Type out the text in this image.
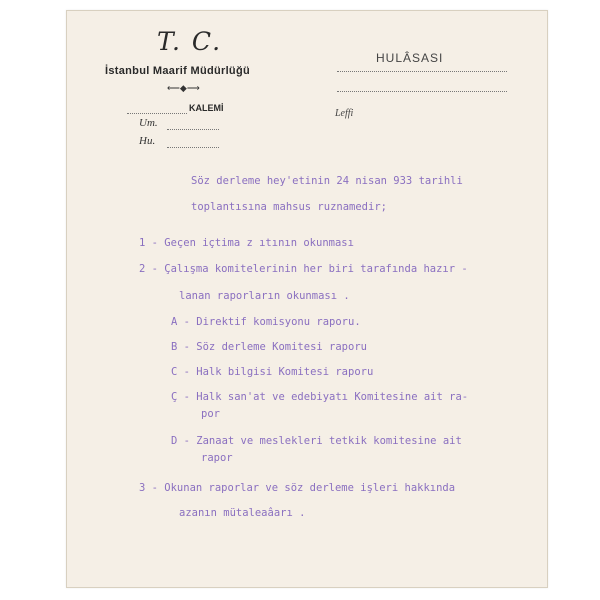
T. C.
İstanbul Maarif Müdürlüğü
⟵◆⟶
KALEMİ
Um.
Hu.
HULÂSASI
Leffi
Söz derleme hey'etinin 24 nisan 933 tarihli
toplantısına mahsus ruznamedir;
1 - Geçen içtima z ıtının okunması
2 - Çalışma komitelerinin her biri tarafında hazır -
lanan raporların okunması .
A - Direktif komisyonu raporu.
B - Söz derleme Komitesi raporu
C - Halk bilgisi Komitesi raporu
Ç - Halk san'at ve edebiyatı Komitesine ait ra-
por
D - Zanaat ve meslekleri tetkik komitesine ait
rapor
3 - Okunan raporlar ve söz derleme işleri hakkında
azanın mütaleaâarı .
